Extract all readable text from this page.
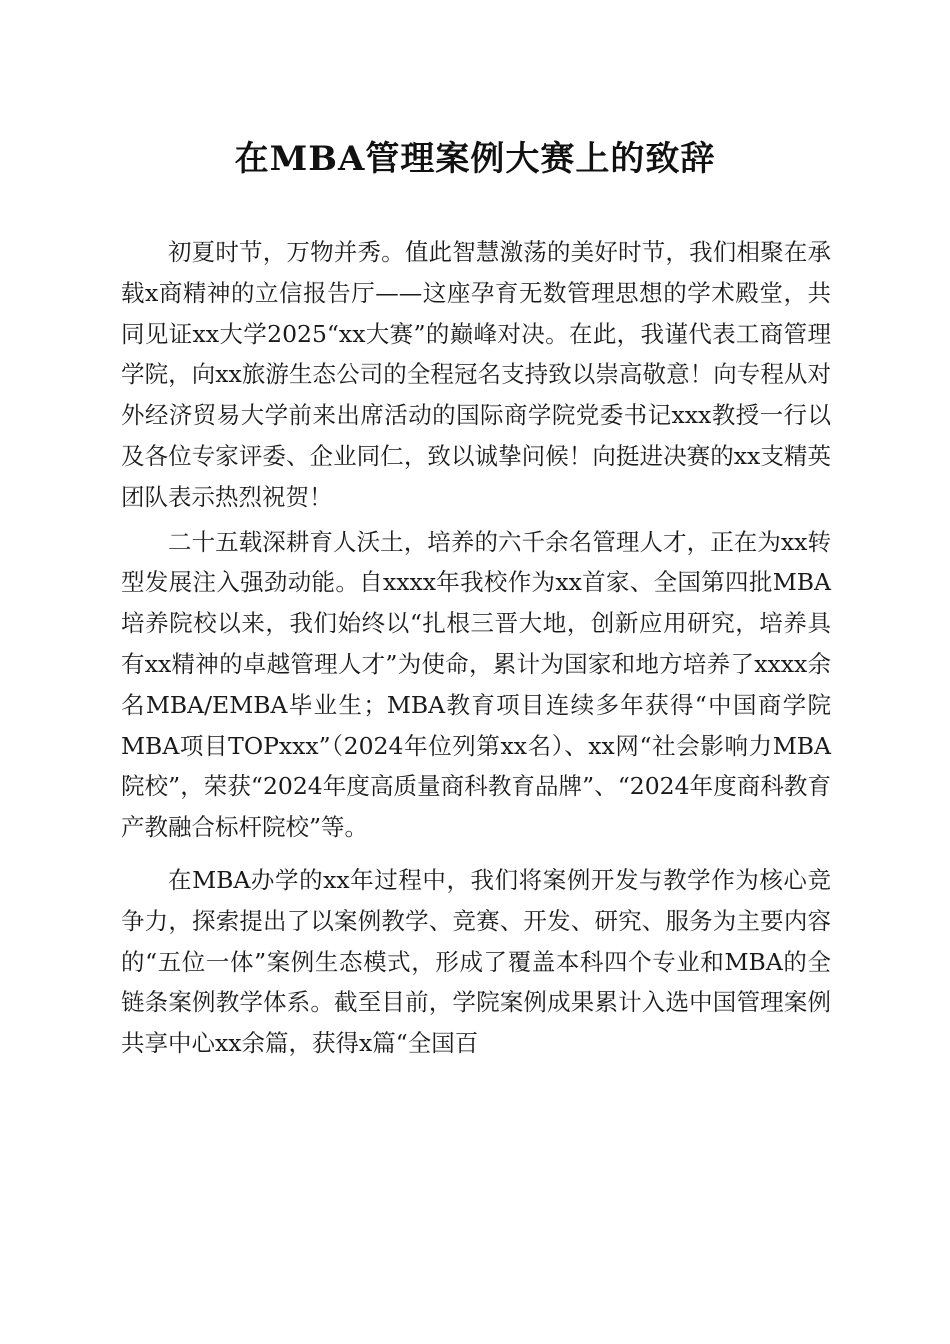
在MBA管理案例大赛上的致辞

初夏时节，万物并秀。值此智慧激荡的美好时节，我们相聚在承载x商精神的立信报告厅——这座孕育无数管理思想的学术殿堂，共同见证xx大学2025“xx大赛”的巅峰对决。在此，我谨代表工商管理学院，向xx旅游生态公司的全程冠名支持致以崇高敬意！向专程从对外经济贸易大学前来出席活动的国际商学院党委书记xxx教授一行以及各位专家评委、企业同仁，致以诚挚问候！向挺进决赛的xx支精英团队表示热烈祝贺！

二十五载深耕育人沃土，培养的六千余名管理人才，正在为xx转型发展注入强劲动能。自xxxx年我校作为xx首家、全国第四批MBA培养院校以来，我们始终以“扎根三晋大地，创新应用研究，培养具有xx精神的卓越管理人才”为使命，累计为国家和地方培养了xxxx余名MBA/EMBA毕业生；MBA教育项目连续多年获得“中国商学院MBA项目TOPxxx”（2024年位列第xx名）、xx网“社会影响力MBA院校”，荣获“2024年度高质量商科教育品牌”、“2024年度商科教育产教融合标杆院校”等。

在MBA办学的xx年过程中，我们将案例开发与教学作为核心竞争力，探索提出了以案例教学、竞赛、开发、研究、服务为主要内容的“五位一体”案例生态模式，形成了覆盖本科四个专业和MBA的全链条案例教学体系。截至目前，学院案例成果累计入选中国管理案例共享中心xx余篇，获得x篇“全国百
